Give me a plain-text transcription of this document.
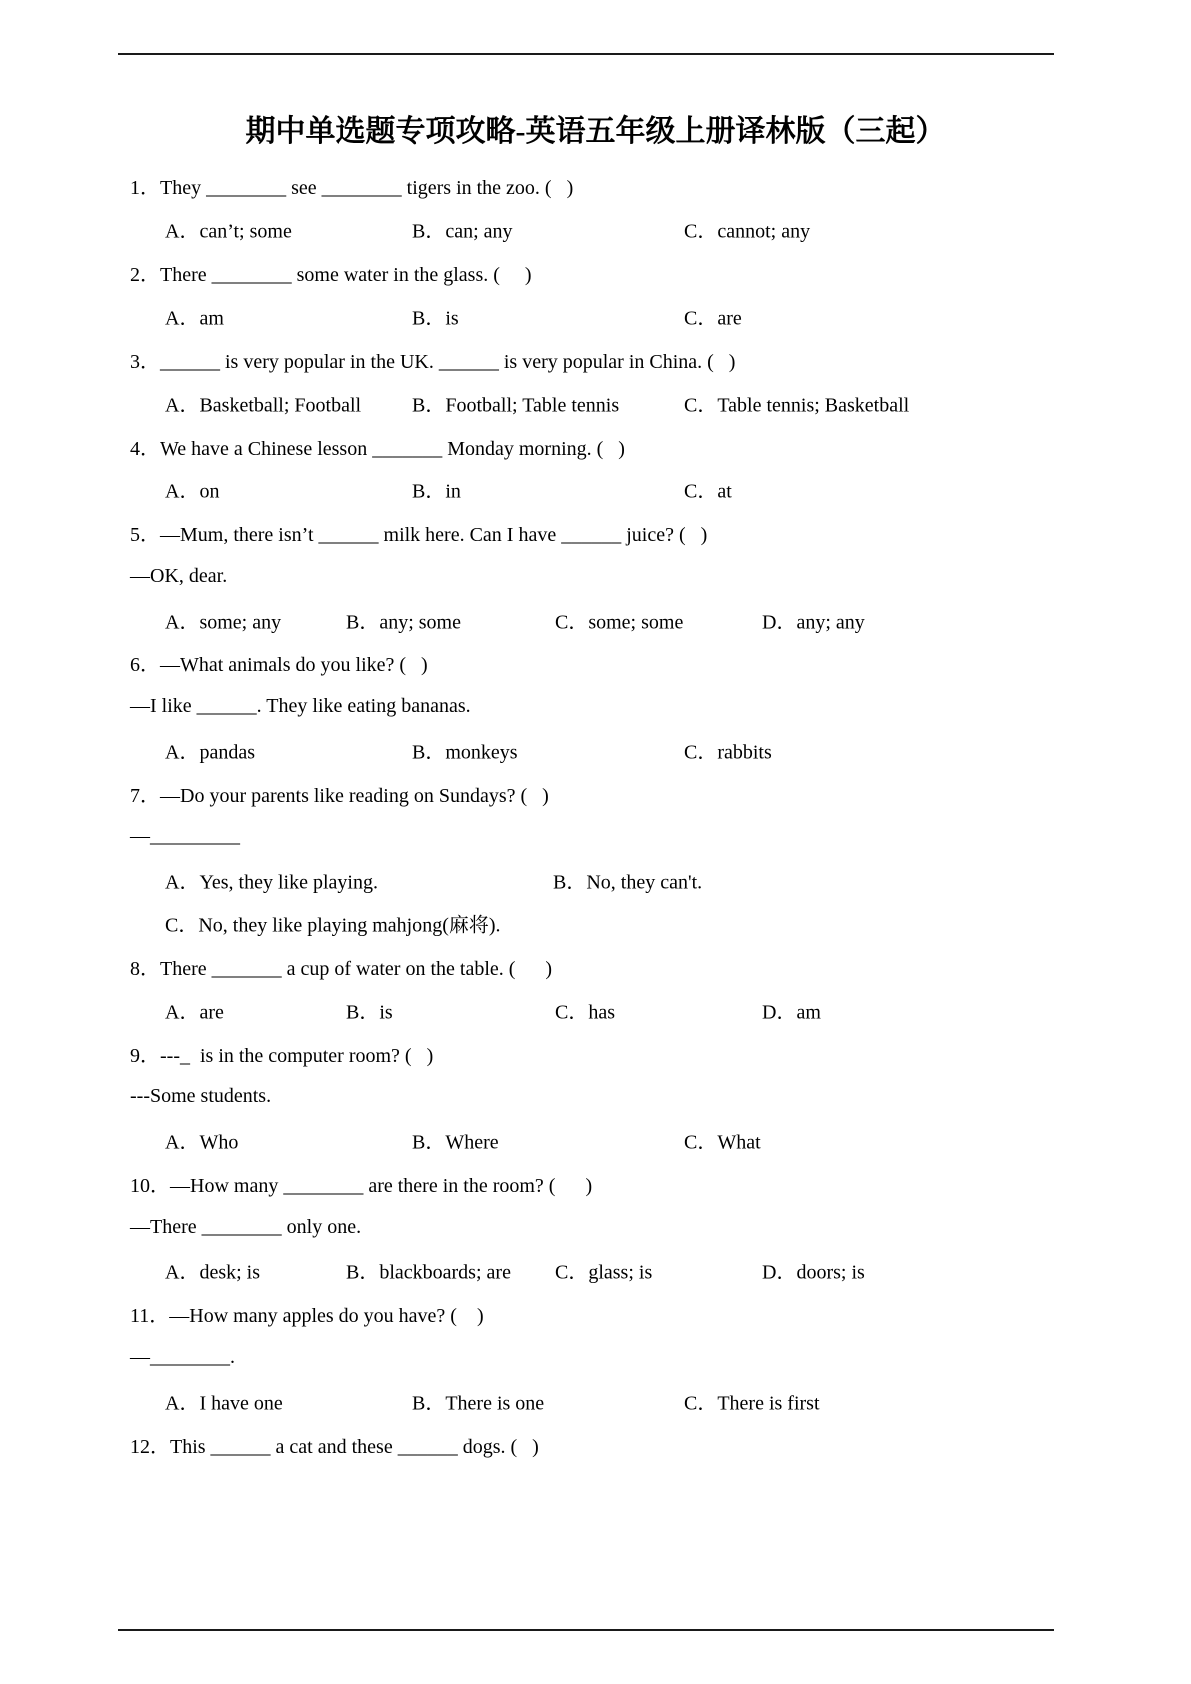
期中单选题专项攻略-英语五年级上册译林版（三起）
1．They ________ see ________ tigers in the zoo. (   )
A．can’t; some	B．can; any	C．cannot; any
2．There ________ some water in the glass. (     )
A．am	B．is	C．are
3．______ is very popular in the UK. ______ is very popular in China. (   )
A．Basketball; Football	B．Football; Table tennis	C．Table tennis; Basketball
4．We have a Chinese lesson _______ Monday morning. (   )
A．on	B．in	C．at
5．—Mum, there isn’t ______ milk here. Can I have ______ juice? (   )
—OK, dear.
A．some; any	B．any; some	C．some; some	D．any; any
6．—What animals do you like? (   )
—I like ______. They like eating bananas.
A．pandas	B．monkeys	C．rabbits
7．—Do your parents like reading on Sundays? (   )
—_________
A．Yes, they like playing.	B．No, they can't.
C．No, they like playing mahjong(麻将).
8．There _______ a cup of water on the table. (      )
A．are	B．is	C．has	D．am
9．---_  is in the computer room? (   )
---Some students.
A．Who	B．Where	C．What
10．—How many ________ are there in the room? (      )
—There ________ only one.
A．desk; is	B．blackboards; are C．glass; is	D．doors; is
11．—How many apples do you have? (    )
—________.
A．I have one	B．There is one	C．There is first
12．This ______ a cat and these ______ dogs. (   )
